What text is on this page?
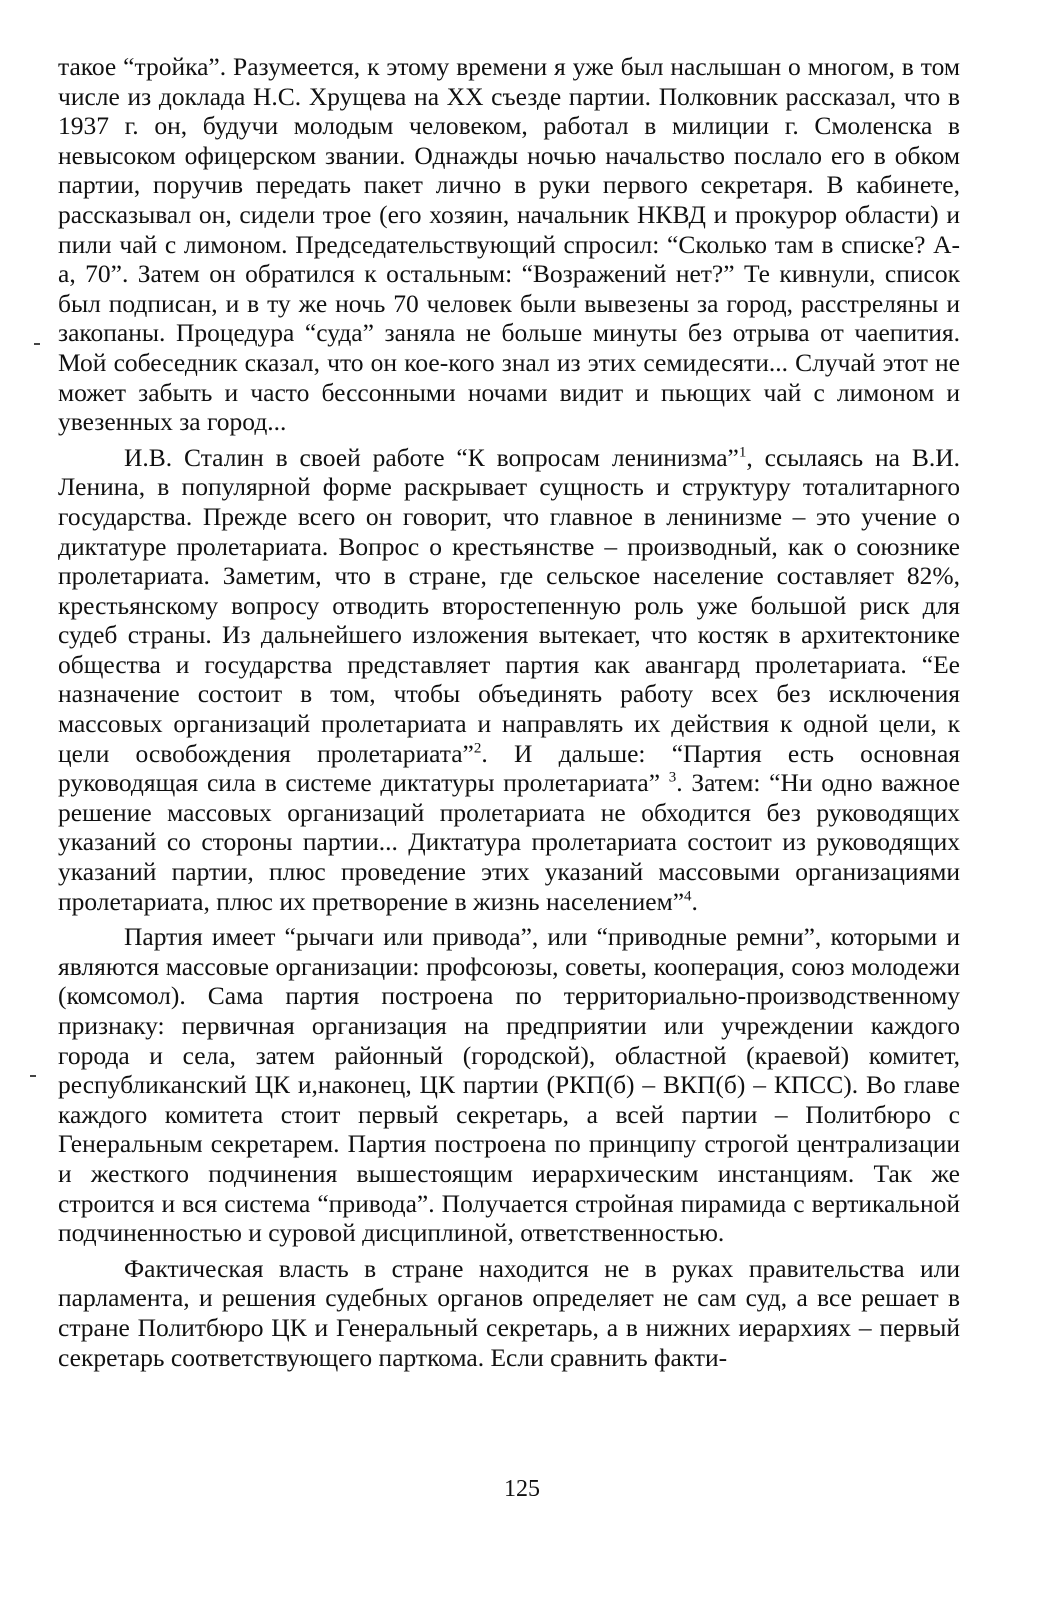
такое “тройка”. Разумеется, к этому времени я уже был наслышан о многом, в том числе из доклада Н.С. Хрущева на XX съезде партии. Полковник рассказал, что в 1937 г. он, будучи молодым человеком, работал в милиции г. Смоленска в невысоком офицерском звании. Однажды ночью начальство послало его в обком партии, поручив передать пакет лично в руки первого секретаря. В кабинете, рассказывал он, сидели трое (его хозяин, начальник НКВД и прокурор области) и пили чай с лимоном. Председательствующий спросил: “Сколько там в списке? А-а, 70”. Затем он обратился к остальным: “Возражений нет?” Те кивнули, список был подписан, и в ту же ночь 70 человек были вывезены за город, расстреляны и закопаны. Процедура “суда” заняла не больше минуты без отрыва от чаепития. Мой собеседник сказал, что он кое-кого знал из этих семидесяти... Случай этот не может забыть и часто бессонными ночами видит и пьющих чай с лимоном и увезенных за город...

И.В. Сталин в своей работе “К вопросам ленинизма”$^1$, ссылаясь на В.И. Ленина, в популярной форме раскрывает сущность и структуру тоталитарного государства. Прежде всего он говорит, что главное в ленинизме – это учение о диктатуре пролетариата. Вопрос о крестьянстве – производный, как о союзнике пролетариата. Заметим, что в стране, где сельское население составляет 82%, крестьянскому вопросу отводить второстепенную роль уже большой риск для судеб страны. Из дальнейшего изложения вытекает, что костяк в архитектонике общества и государства представляет партия как авангард пролетариата. “Ее назначение состоит в том, чтобы объединять работу всех без исключения массовых организаций пролетариата и направлять их действия к одной цели, к цели освобождения пролетариата”$^2$. И дальше: “Партия есть основная руководящая сила в системе диктатуры пролетариата” $^3$. Затем: “Ни одно важное решение массовых организаций пролетариата не обходится без руководящих указаний со стороны партии... Диктатура пролетариата состоит из руководящих указаний партии, плюс проведение этих указаний массовыми организациями пролетариата, плюс их претворение в жизнь населением”$^4$.

Партия имеет “рычаги или привода”, или “приводные ремни”, которыми и являются массовые организации: профсоюзы, советы, кооперация, союз молодежи (комсомол). Сама партия построена по территориально-производственному признаку: первичная организация на предприятии или учреждении каждого города и села, затем районный (городской), областной (краевой) комитет, республиканский ЦК и,наконец, ЦК партии (РКП(б) – ВКП(б) – КПСС). Во главе каждого комитета стоит первый секретарь, а всей партии – Политбюро с Генеральным секретарем. Партия построена по принципу строгой централизации и жесткого подчинения вышестоящим иерархическим инстанциям. Так же строится и вся система “привода”. Получается стройная пирамида с вертикальной подчиненностью и суровой дисциплиной, ответственностью.

Фактическая власть в стране находится не в руках правительства или парламента, и решения судебных органов определяет не сам суд, а все решает в стране Политбюро ЦК и Генеральный секретарь, а в нижних иерархиях – первый секретарь соответствующего парткома. Если сравнить факти-

125
